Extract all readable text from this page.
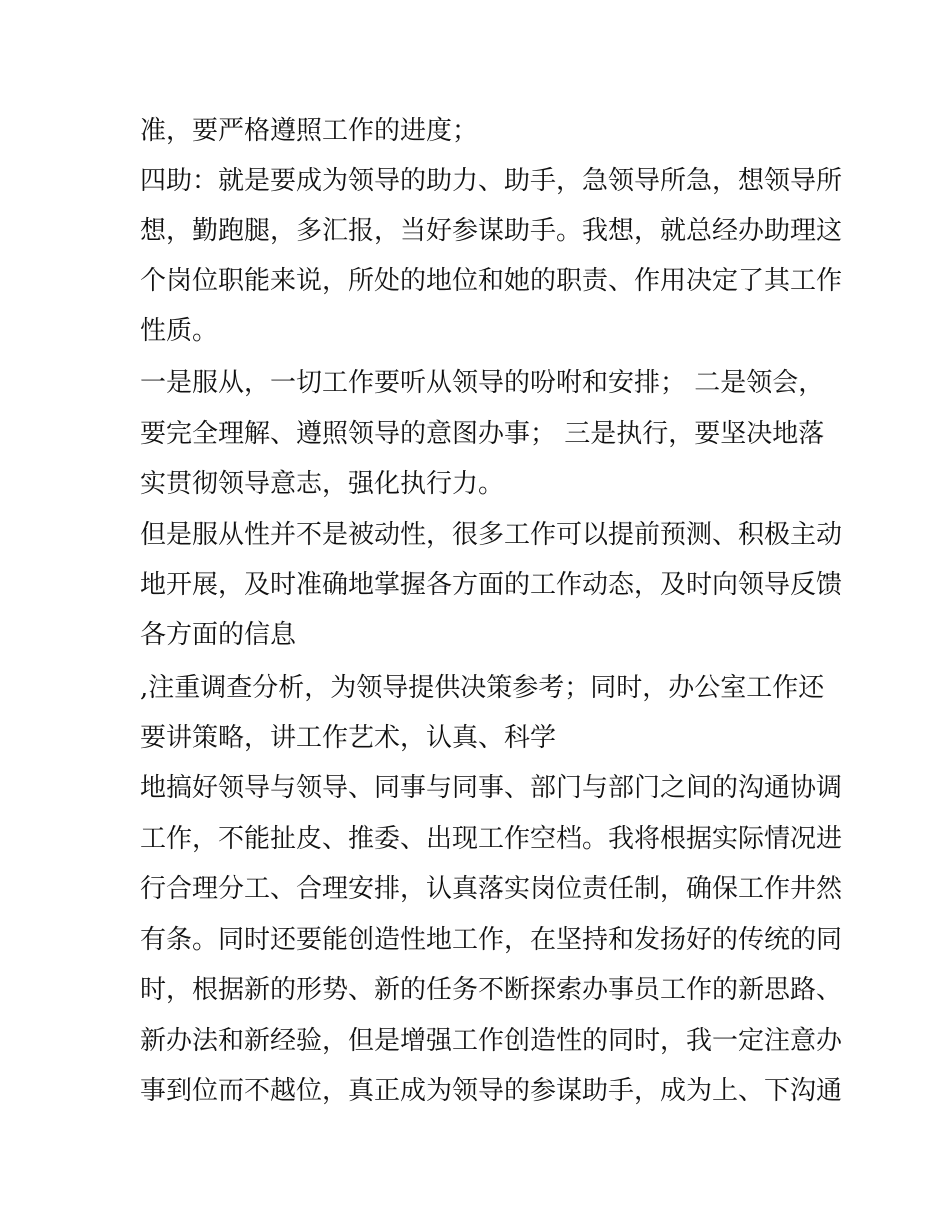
准，要严格遵照工作的进度；
四助：就是要成为领导的助力、助手，急领导所急，想领导所
想，勤跑腿，多汇报，当好参谋助手。我想，就总经办助理这
个岗位职能来说，所处的地位和她的职责、作用决定了其工作
性质。
一是服从，一切工作要听从领导的吩咐和安排； 二是领会，
要完全理解、遵照领导的意图办事； 三是执行，要坚决地落
实贯彻领导意志，强化执行力。
但是服从性并不是被动性，很多工作可以提前预测、积极主动
地开展，及时准确地掌握各方面的工作动态，及时向领导反馈
各方面的信息
,注重调查分析，为领导提供决策参考；同时，办公室工作还
要讲策略，讲工作艺术，认真、科学
地搞好领导与领导、同事与同事、部门与部门之间的沟通协调
工作，不能扯皮、推委、出现工作空档。我将根据实际情况进
行合理分工、合理安排，认真落实岗位责任制，确保工作井然
有条。同时还要能创造性地工作，在坚持和发扬好的传统的同
时，根据新的形势、新的任务不断探索办事员工作的新思路、
新办法和新经验，但是增强工作创造性的同时，我一定注意办
事到位而不越位，真正成为领导的参谋助手，成为上、下沟通
